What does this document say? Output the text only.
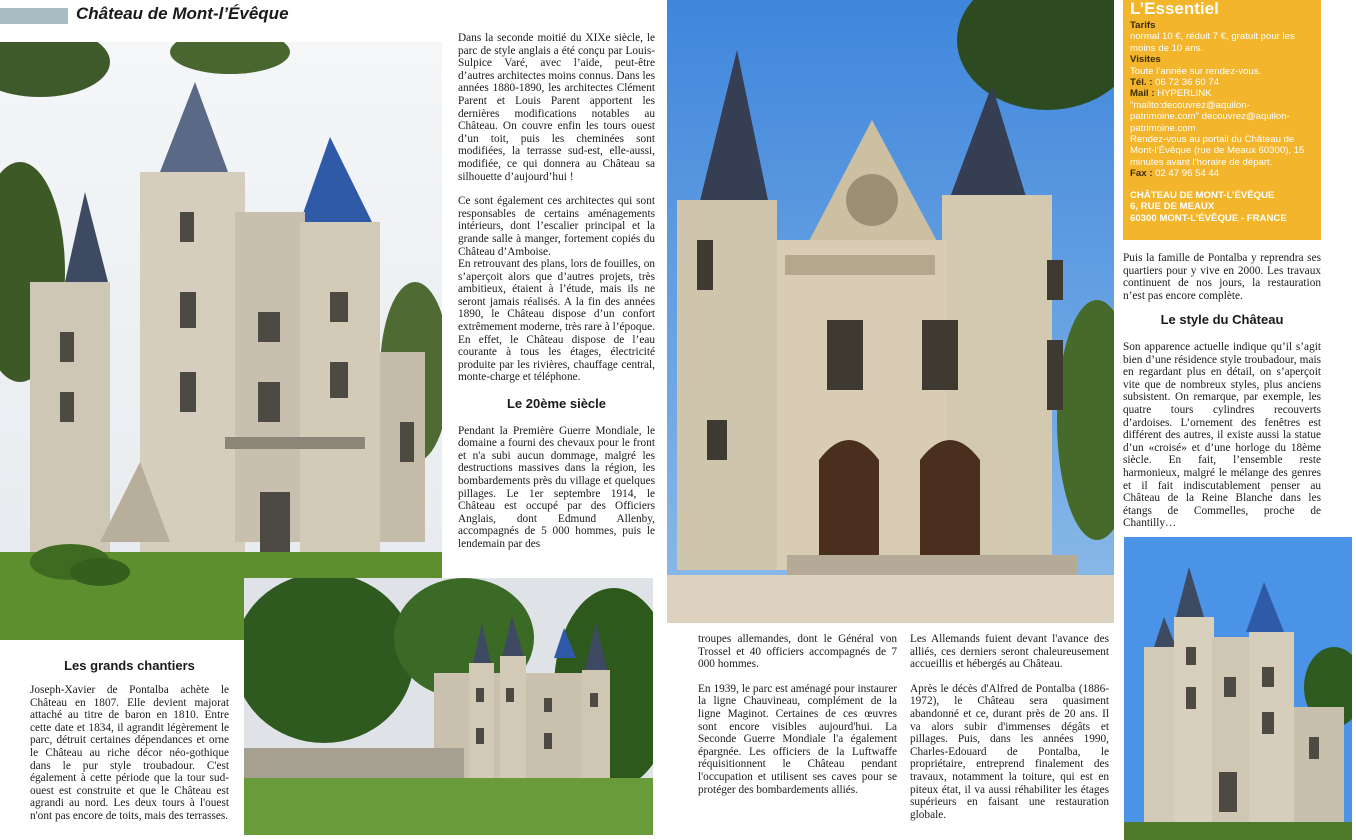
Château de Mont-l’Évêque

Dans la seconde moitié du XIXe siècle, le parc de style anglais a été conçu par Louis-Sulpice Varé, avec l’aide, peut-être d’autres architectes moins connus. Dans les années 1880-1890, les architectes Clément Parent et Louis Parent apportent les dernières modifications notables au Château. On couvre enfin les tours ouest d’un toit, puis les cheminées sont modifiées, la terrasse sud-est, elle-aussi, modifiée, ce qui donnera au Château sa silhouette d’aujourd’hui !

Ce sont également ces architectes qui sont responsables de certains aménagements intérieurs, dont l’escalier principal et la grande salle à manger, fortement copiés du Château d’Amboise.

En retrouvant des plans, lors de fouilles, on s’aperçoit alors que d’autres projets, très ambitieux, étaient à l’étude, mais ils ne seront jamais réalisés. A la fin des années 1890, le Château dispose d’un confort extrêmement moderne, très rare à l’époque. En effet, le Château dispose de l’eau courante à tous les étages, électricité produite par les rivières, chauffage central, monte-charge et téléphone.

Le 20ème siècle

Pendant la Première Guerre Mondiale, le domaine a fourni des chevaux pour le front et n'a subi aucun dommage, malgré les destructions massives dans la région, les bombardements près du village et quelques pillages. Le 1er septembre 1914, le Château est occupé par des Officiers Anglais, dont Edmund Allenby, accompagnés de 5 000 hommes, puis le lendemain par des

Les grands chantiers

Joseph-Xavier de Pontalba achète le Château en 1807. Elle devient majorat attaché au titre de baron en 1810. Entre cette date et 1834, il agrandit légèrement le parc, détruit certaines dépendances et orne le Château au riche décor néo-gothique dans le pur style troubadour. C'est également à cette période que la tour sud-ouest est construite et que le Château est agrandi au nord. Les deux tours à l'ouest n'ont pas encore de toits, mais des terrasses.

troupes allemandes, dont le Général von Trossel et 40 officiers accompagnés de 7 000 hommes.

En 1939, le parc est aménagé pour instaurer la ligne Chauvineau, complément de la ligne Maginot. Certaines de ces œuvres sont encore visibles aujourd'hui. La Seconde Guerre Mondiale l'a également épargnée. Les officiers de la Luftwaffe réquisitionnent le Château pendant l'occupation et utilisent ses caves pour se protéger des bombardements alliés.

Les Allemands fuient devant l'avance des alliés, ces derniers seront chaleureusement accueillis et hébergés au Château.

Après le décès d'Alfred de Pontalba (1886-1972), le Château sera quasiment abandonné et ce, durant près de 20 ans. Il va alors subir d'immenses dégâts et pillages. Puis, dans les années 1990, Charles-Edouard de Pontalba, le propriétaire, entreprend finalement des travaux, notamment la toiture, qui est en piteux état, il va aussi réhabiliter les étages supérieurs en faisant une restauration globale.

L’Essentiel
Tarifs
normal 10 €, réduit 7 €, gratuit pour les moins de 10 ans.
Visites
Toute l’année sur rendez-vous.
Tél. : 06 72 36 60 74
Mail : HYPERLINK "mailto:decouvrez@aquilon-patrimoine.com" decouvrez@aquilon-patrimoine.com
Rendez-vous au portail du Château de Mont-l’Évêque (rue de Meaux 60300), 15 minutes avant l’horaire de départ.
Fax : 02 47 96 54 44
CHÂTEAU DE MONT-L’ÉVÊQUE
6, RUE DE MEAUX
60300 MONT-L’ÉVÊQUE - FRANCE

Puis la famille de Pontalba y reprendra ses quartiers pour y vive en 2000. Les travaux continuent de nos jours, la restauration n’est pas encore complète.

Le style du Château

Son apparence actuelle indique qu’il s’agit bien d’une résidence style troubadour, mais en regardant plus en détail, on s’aperçoit vite que de nombreux styles, plus anciens subsistent. On remarque, par exemple, les quatre tours cylindres recouverts d’ardoises. L’ornement des fenêtres est différent des autres, il existe aussi la statue d’un «croisé» et d’une horloge du 18ème siècle. En fait, l’ensemble reste harmonieux, malgré le mélange des genres et il fait indiscutablement penser au Château de la Reine Blanche dans les étangs de Commelles, proche de Chantilly…
